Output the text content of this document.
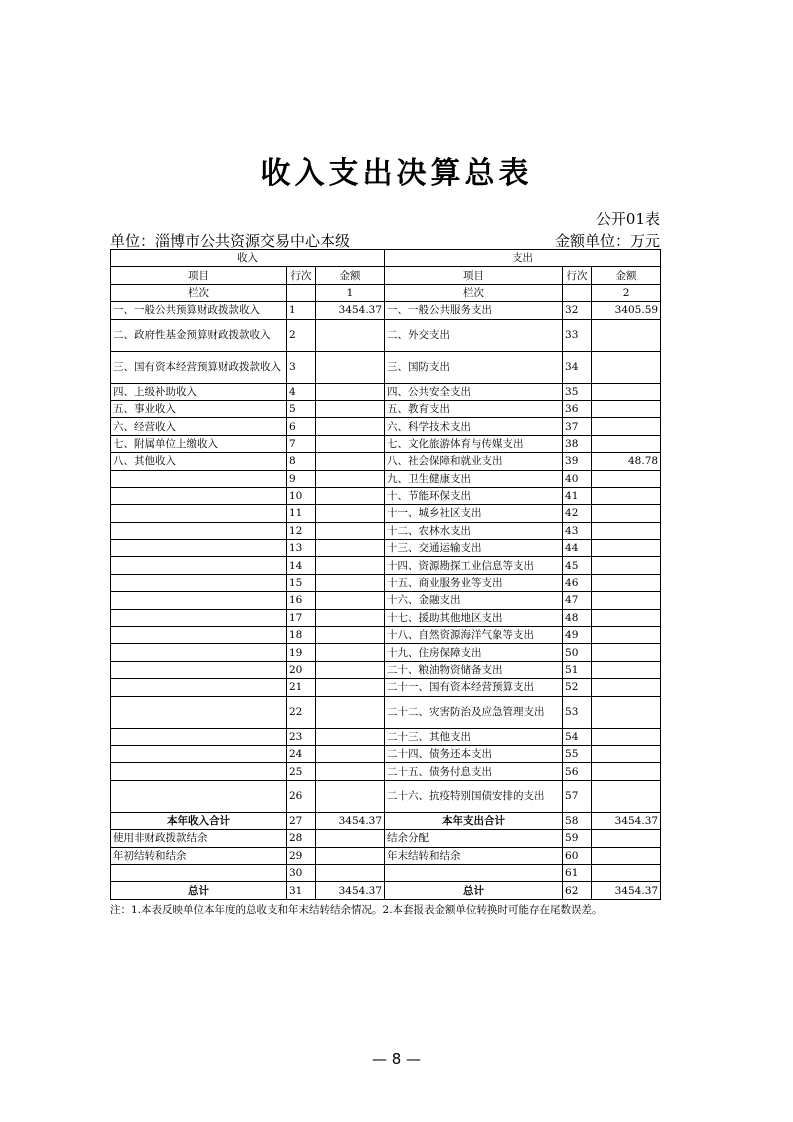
收入支出决算总表
公开01表
单位：淄博市公共资源交易中心本级	金额单位：万元
收入			支出		
项目	行次	金额	项目	行次	金额
栏次		1	栏次		2
一、一般公共预算财政拨款收入	1	3454.37	一、一般公共服务支出	32	3405.59
二、政府性基金预算财政拨款收入	2		二、外交支出	33	
三、国有资本经营预算财政拨款收入	3		三、国防支出	34	
四、上级补助收入	4		四、公共安全支出	35	
五、事业收入	5		五、教育支出	36	
六、经营收入	6		六、科学技术支出	37	
七、附属单位上缴收入	7		七、文化旅游体育与传媒支出	38	
八、其他收入	8		八、社会保障和就业支出	39	48.78
	9		九、卫生健康支出	40	
	10		十、节能环保支出	41	
	11		十一、城乡社区支出	42	
	12		十二、农林水支出	43	
	13		十三、交通运输支出	44	
	14		十四、资源勘探工业信息等支出	45	
	15		十五、商业服务业等支出	46	
	16		十六、金融支出	47	
	17		十七、援助其他地区支出	48	
	18		十八、自然资源海洋气象等支出	49	
	19		十九、住房保障支出	50	
	20		二十、粮油物资储备支出	51	
	21		二十一、国有资本经营预算支出	52	
	22		二十二、灾害防治及应急管理支出	53	
	23		二十三、其他支出	54	
	24		二十四、债务还本支出	55	
	25		二十五、债务付息支出	56	
	26		二十六、抗疫特别国债安排的支出	57	
本年收入合计	27	3454.37	本年支出合计	58	3454.37
使用非财政拨款结余	28		结余分配	59	
年初结转和结余	29		年末结转和结余	60	
	30			61	
总计	31	3454.37	总计	62	3454.37
注：1.本表反映单位本年度的总收支和年末结转结余情况。2.本套报表金额单位转换时可能存在尾数误差。
— 8 —
